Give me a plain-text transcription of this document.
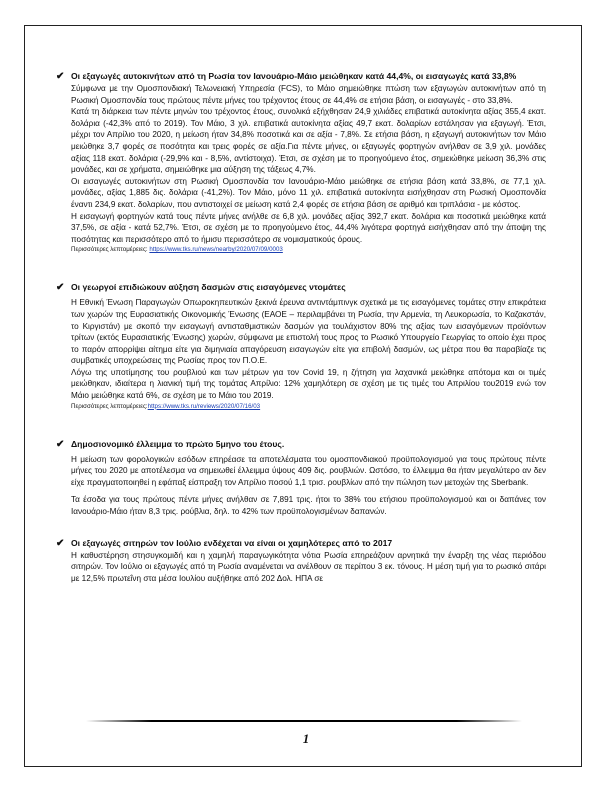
✔ Οι εξαγωγές αυτοκινήτων από τη Ρωσία τον Ιανουάριο-Μάιο μειώθηκαν κατά 44,4%, οι εισαγωγές κατά 33,8%
Σύμφωνα με την Ομοσπονδιακή Τελωνειακή Υπηρεσία (FCS), το Μάιο σημειώθηκε πτώση των εξαγωγών αυτοκινήτων από τη Ρωσική Ομοσπονδία τους πρώτους πέντε μήνες του τρέχοντος έτους σε 44,4% σε ετήσια βάση, οι εισαγωγές - στο 33,8%.
Κατά τη διάρκεια των πέντε μηνών του τρέχοντος έτους, συνολικά εξήχθησαν 24,9 χιλιάδες επιβατικά αυτοκίνητα αξίας 355,4 εκατ. δολάρια (-42,3% από το 2019). Τον Μάιο, 3 χιλ. επιβατικά αυτοκίνητα αξίας 49,7 εκατ. δολαρίων εστάλησαν για εξαγωγή. Έτσι, μέχρι τον Απρίλιο του 2020, η μείωση ήταν 34,8% ποσοτικά και σε αξία - 7,8%. Σε ετήσια βάση, η εξαγωγή αυτοκινήτων τον Μάιο μειώθηκε 3,7 φορές σε ποσότητα και τρεις φορές σε αξία.Για πέντε μήνες, οι εξαγωγές φορτηγών ανήλθαν σε 3,9 χιλ. μονάδες αξίας 118 εκατ. δολάρια (-29,9% και - 8,5%, αντίστοιχα). Έτσι, σε σχέση με το προηγούμενο έτος, σημειώθηκε μείωση 36,3% στις μονάδες, και σε χρήματα, σημειώθηκε μια αύξηση της τάξεως 4,7%.
Οι εισαγωγές αυτοκινήτων στη Ρωσική Ομοσπονδία τον Ιανουάριο-Μάιο μειώθηκε σε ετήσια βάση κατά 33,8%, σε 77,1 χιλ. μονάδες, αξίας 1,885 δις. δολάρια (-41,2%). Τον Μάιο, μόνο 11 χιλ. επιβατικά αυτοκίνητα εισήχθησαν στη Ρωσική Ομοσπονδία έναντι 234,9 εκατ. δολαρίων, που αντιστοιχεί σε μείωση κατά 2,4 φορές σε ετήσια βάση σε αριθμό και τριπλάσια - με κόστος.
Η εισαγωγή φορτηγών κατά τους πέντε μήνες ανήλθε σε 6,8 χιλ. μονάδες αξίας 392,7 εκατ. δολάρια και ποσοτικά μειώθηκε κατά 37,5%, σε αξία - κατά 52,7%. Έτσι, σε σχέση με το προηγούμενο έτος, 44,4% λιγότερα φορτηγά εισήχθησαν από την άποψη της ποσότητας και περισσότερο από το ήμισυ περισσότερο σε νομισματικούς όρους.
Περισσότερες λεπτομέρειες: https://www.tks.ru/news/nearby/2020/07/09/0003
✔ Οι γεωργοί επιδιώκουν αύξηση δασμών στις εισαγόμενες ντομάτες
Η Εθνική Ένωση Παραγωγών Οπωροκηπευτικών ξεκινά έρευνα αντιντάμπινγκ σχετικά με τις εισαγόμενες τομάτες στην επικράτεια των χωρών της Ευρασιατικής Οικονομικής Ένωσης (ΕΑΟΕ – περιλαμβάνει τη Ρωσία, την Αρμενία, τη Λευκορωσία, το Καζακστάν, το Κιργιστάν) με σκοπό την εισαγωγή αντισταθμιστικών δασμών για τουλάχιστον 80% της αξίας των εισαγόμενων προϊόντων τρίτων (εκτός Ευρασιατικής Ένωσης) χωρών, σύμφωνα με επιστολή τους προς το Ρωσικό Υπουργείο Γεωργίας το οποίο έχει προς το παρόν απορρίψει αίτημα είτε για διμηνιαία απαγόρευση εισαγωγών είτε για επιβολή δασμών, ως μέτρα που θα παραβίαζε τις συμβατικές υποχρεώσεις της Ρωσίας προς τον Π.Ο.Ε.
Λόγω της υποτίμησης του ρουβλιού και των μέτρων για τον Covid 19, η ζήτηση για λαχανικά μειώθηκε απότομα και οι τιμές μειώθηκαν, ιδιαίτερα η λιανική τιμή της τομάτας Απρίλιο: 12% χαμηλότερη σε σχέση με τις τιμές του Απριλίου του2019 ενώ τον Μάιο μειώθηκε κατά 6%, σε σχέση με το Μάιο του 2019.
Περισσότερες λεπτομέρειες:https://www.tks.ru/reviews/2020/07/16/03
✔ Δημοσιονομικό έλλειμμα το πρώτο 5μηνο του έτους.
Η μείωση των φορολογικών εσόδων επηρέασε τα αποτελέσματα του ομοσπονδιακού προϋπολογισμού για τους πρώτους πέντε μήνες του 2020 με αποτέλεσμα να σημειωθεί έλλειμμα ύψους 409 δις. ρουβλιών. Ωστόσο, το έλλειμμα θα ήταν μεγαλύτερο αν δεν είχε πραγματοποιηθεί η εφάπαξ είσπραξη τον Απρίλιο ποσού 1,1 τρισ. ρουβλίων από την πώληση των μετοχών της Sberbank.
Τα έσοδα για τους πρώτους πέντε μήνες ανήλθαν σε 7,891 τρις. ήτοι το 38% του ετήσιου προϋπολογισμού και οι δαπάνες τον Ιανουάριο-Μάιο ήταν 8,3 τρις. ρούβλια, δηλ. το 42% των προϋπολογισμένων δαπανών.
✔ Οι εξαγωγές σιτηρών τον Ιούλιο ενδέχεται να είναι οι χαμηλότερες από το 2017
Η καθυστέρηση στησυγκομιδή και η χαμηλή παραγωγικότητα νότια Ρωσία επηρεάζουν αρνητικά την έναρξη της νέας περιόδου σιτηρών. Τον Ιούλιο οι εξαγωγές από τη Ρωσία αναμένεται να ανέλθουν σε περίπου 3 εκ. τόνους. Η μέση τιμή για το ρωσικό σιτάρι με 12,5% πρωτεΐνη στα μέσα Ιουλίου αυξήθηκε από 202 Δολ. ΗΠΑ σε
1
